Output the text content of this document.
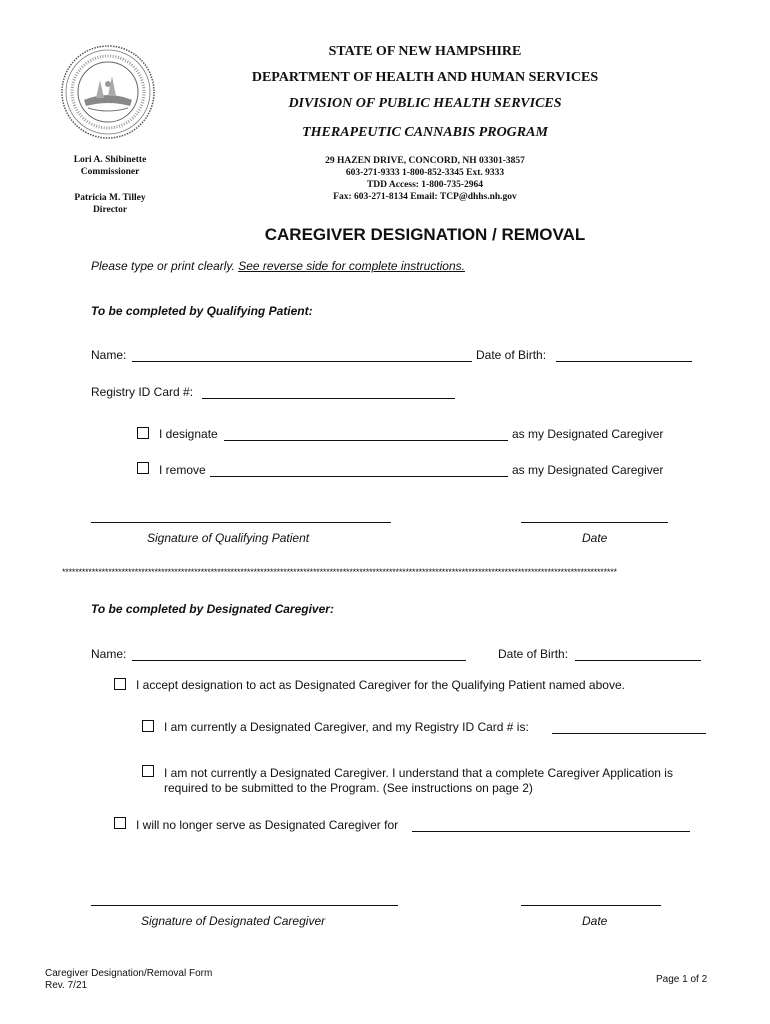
STATE OF NEW HAMPSHIRE
DEPARTMENT OF HEALTH AND HUMAN SERVICES
DIVISION OF PUBLIC HEALTH SERVICES
THERAPEUTIC CANNABIS PROGRAM
29 HAZEN DRIVE, CONCORD, NH 03301-3857
603-271-9333 1-800-852-3345 Ext. 9333
TDD Access: 1-800-735-2964
Fax: 603-271-8134 Email: TCP@dhhs.nh.gov
Lori A. Shibinette
Commissioner
Patricia M. Tilley
Director
CAREGIVER DESIGNATION / REMOVAL
Please type or print clearly. See reverse side for complete instructions.
To be completed by Qualifying Patient:
Name:	Date of Birth:
Registry ID Card #:
I designate	as my Designated Caregiver
I remove	as my Designated Caregiver
Signature of Qualifying Patient	Date
************************************************************************************************************************************************************************
To be completed by Designated Caregiver:
Name:	Date of Birth:
I accept designation to act as Designated Caregiver for the Qualifying Patient named above.
I am currently a Designated Caregiver, and my Registry ID Card # is:
I am not currently a Designated Caregiver. I understand that a complete Caregiver Application is
required to be submitted to the Program. (See instructions on page 2)
I will no longer serve as Designated Caregiver for
Signature of Designated Caregiver	Date
Caregiver Designation/Removal Form
Rev. 7/21
Page 1 of 2
